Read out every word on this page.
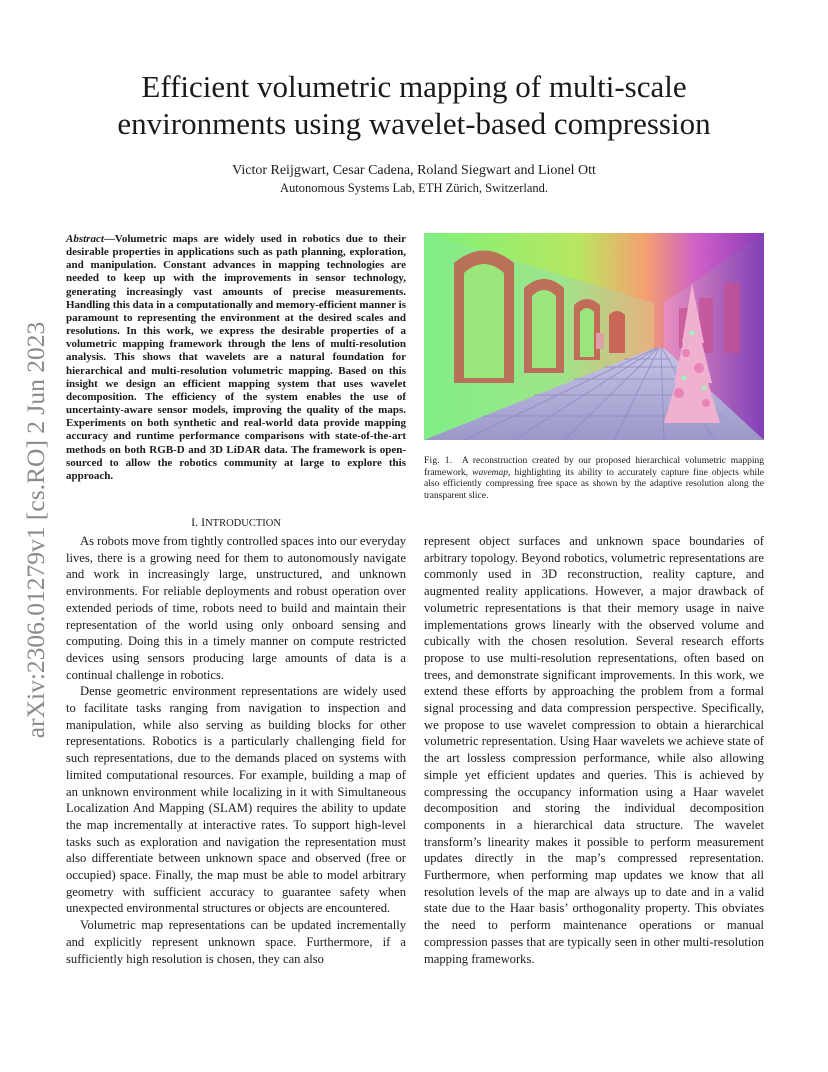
Efficient volumetric mapping of multi-scale
environments using wavelet-based compression
Victor Reijgwart, Cesar Cadena, Roland Siegwart and Lionel Ott
Autonomous Systems Lab, ETH Zürich, Switzerland.
arXiv:2306.01279v1 [cs.RO] 2 Jun 2023
Abstract—Volumetric maps are widely used in robotics due to their desirable properties in applications such as path planning, exploration, and manipulation. Constant advances in mapping technologies are needed to keep up with the improvements in sensor technology, generating increasingly vast amounts of precise measurements. Handling this data in a computationally and memory-efficient manner is paramount to representing the environment at the desired scales and resolutions. In this work, we express the desirable properties of a volumetric mapping framework through the lens of multi-resolution analysis. This shows that wavelets are a natural foundation for hierarchical and multi-resolution volumetric mapping. Based on this insight we design an efficient mapping system that uses wavelet decomposition. The efficiency of the system enables the use of uncertainty-aware sensor models, improving the quality of the maps. Experiments on both synthetic and real-world data provide mapping accuracy and runtime performance comparisons with state-of-the-art methods on both RGB-D and 3D LiDAR data. The framework is open-sourced to allow the robotics community at large to explore this approach.
Fig. 1.  A reconstruction created by our proposed hierarchical volumetric mapping framework, wavemap, highlighting its ability to accurately capture fine objects while also efficiently compressing free space as shown by the adaptive resolution along the transparent slice.
I. INTRODUCTION

As robots move from tightly controlled spaces into our everyday lives, there is a growing need for them to autonomously navigate and work in increasingly large, unstructured, and unknown environments. For reliable deployments and robust operation over extended periods of time, robots need to build and maintain their representation of the world using only onboard sensing and computing. Doing this in a timely manner on compute restricted devices using sensors producing large amounts of data is a continual challenge in robotics.

Dense geometric environment representations are widely used to facilitate tasks ranging from navigation to inspection and manipulation, while also serving as building blocks for other representations. Robotics is a particularly challenging field for such representations, due to the demands placed on systems with limited computational resources. For example, building a map of an unknown environment while localizing in it with Simultaneous Localization And Mapping (SLAM) requires the ability to update the map incrementally at interactive rates. To support high-level tasks such as exploration and navigation the representation must also differentiate between unknown space and observed (free or occupied) space. Finally, the map must be able to model arbitrary geometry with sufficient accuracy to guarantee safety when unexpected environmental structures or objects are encountered.

Volumetric map representations can be updated incrementally and explicitly represent unknown space. Furthermore, if a sufficiently high resolution is chosen, they can also

represent object surfaces and unknown space boundaries of arbitrary topology. Beyond robotics, volumetric representations are commonly used in 3D reconstruction, reality capture, and augmented reality applications. However, a major drawback of volumetric representations is that their memory usage in naive implementations grows linearly with the observed volume and cubically with the chosen resolution. Several research efforts propose to use multi-resolution representations, often based on trees, and demonstrate significant improvements. In this work, we extend these efforts by approaching the problem from a formal signal processing and data compression perspective. Specifically, we propose to use wavelet compression to obtain a hierarchical volumetric representation. Using Haar wavelets we achieve state of the art lossless compression performance, while also allowing simple yet efficient updates and queries. This is achieved by compressing the occupancy information using a Haar wavelet decomposition and storing the individual decomposition components in a hierarchical data structure. The wavelet transform’s linearity makes it possible to perform measurement updates directly in the map’s compressed representation. Furthermore, when performing map updates we know that all resolution levels of the map are always up to date and in a valid state due to the Haar basis’ orthogonality property. This obviates the need to perform maintenance operations or manual compression passes that are typically seen in other multi-resolution mapping frameworks.
